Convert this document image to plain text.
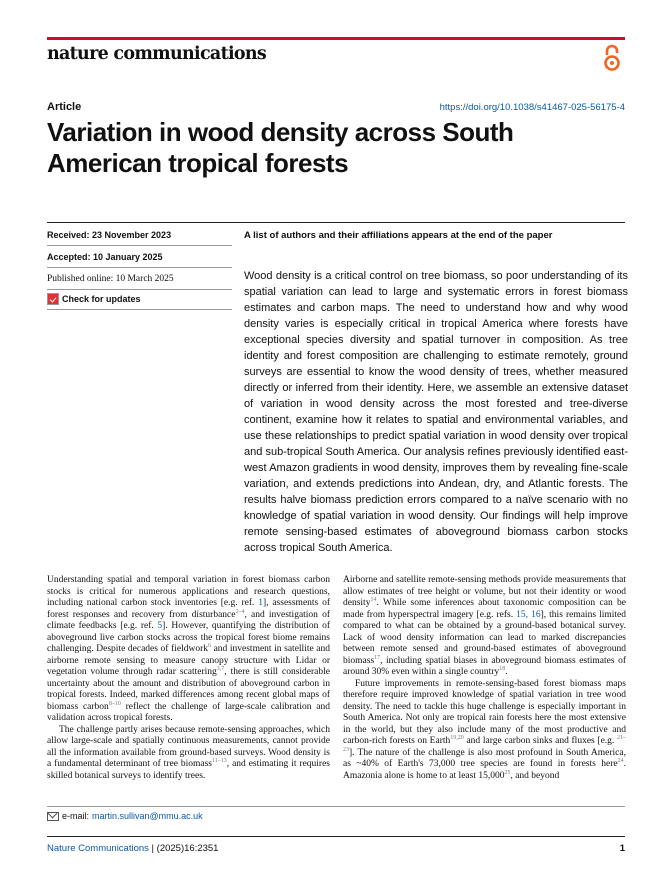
nature communications
Article	https://doi.org/10.1038/s41467-025-56175-4
Variation in wood density across South American tropical forests
Received: 23 November 2023
Accepted: 10 January 2025
Published online: 10 March 2025
Check for updates
A list of authors and their affiliations appears at the end of the paper

Wood density is a critical control on tree biomass, so poor understanding of its spatial variation can lead to large and systematic errors in forest biomass estimates and carbon maps. The need to understand how and why wood density varies is especially critical in tropical America where forests have exceptional species diversity and spatial turnover in composition. As tree identity and forest composition are challenging to estimate remotely, ground surveys are essential to know the wood density of trees, whether measured directly or inferred from their identity. Here, we assemble an extensive dataset of variation in wood density across the most forested and tree-diverse continent, examine how it relates to spatial and environmental variables, and use these relationships to predict spatial variation in wood density over tropical and sub-tropical South America. Our analysis refines previously identified east-west Amazon gradients in wood density, improves them by revealing fine-scale variation, and extends predictions into Andean, dry, and Atlantic forests. The results halve biomass prediction errors compared to a naïve scenario with no knowledge of spatial variation in wood density. Our findings will help improve remote sensing-based estimates of aboveground biomass carbon stocks across tropical South America.

Understanding spatial and temporal variation in forest biomass carbon stocks is critical for numerous applications and research questions, including national carbon stock inventories [e.g. ref. 1], assessments of forest responses and recovery from disturbance$^{2-4}$, and investigation of climate feedbacks [e.g. ref. 5]. However, quantifying the distribution of aboveground live carbon stocks across the tropical forest biome remains challenging. Despite decades of fieldwork$^6$ and investment in satellite and airborne remote sensing to measure canopy structure with Lidar or vegetation volume through radar scattering$^{3,7}$, there is still considerable uncertainty about the amount and distribution of aboveground carbon in tropical forests. Indeed, marked differences among recent global maps of biomass carbon$^{8-10}$ reflect the challenge of large-scale calibration and validation across tropical forests.

The challenge partly arises because remote-sensing approaches, which allow large-scale and spatially continuous measurements, cannot provide all the information available from ground-based surveys. Wood density is a fundamental determinant of tree biomass$^{11-13}$, and estimating it requires skilled botanical surveys to identify trees.

Airborne and satellite remote-sensing methods provide measurements that allow estimates of tree height or volume, but not their identity or wood density$^{14}$. While some inferences about taxonomic composition can be made from hyperspectral imagery [e.g. refs. 15, 16], this remains limited compared to what can be obtained by a ground-based botanical survey. Lack of wood density information can lead to marked discrepancies between remote sensed and ground-based estimates of aboveground biomass$^{17}$, including spatial biases in aboveground biomass estimates of around 30% even within a single country$^{18}$.

Future improvements in remote-sensing-based forest biomass maps therefore require improved knowledge of spatial variation in tree wood density. The need to tackle this huge challenge is especially important in South America. Not only are tropical rain forests here the most extensive in the world, but they also include many of the most productive and carbon-rich forests on Earth$^{19,20}$ and large carbon sinks and fluxes [e.g. $^{21-23}$]. The nature of the challenge is also most profound in South America, as ~40% of Earth's 73,000 tree species are found in forests here$^{24}$. Amazonia alone is home to at least 15,000$^{25}$, and beyond

e-mail: martin.sullivan@mmu.ac.uk
Nature Communications | (2025)16:2351	1
